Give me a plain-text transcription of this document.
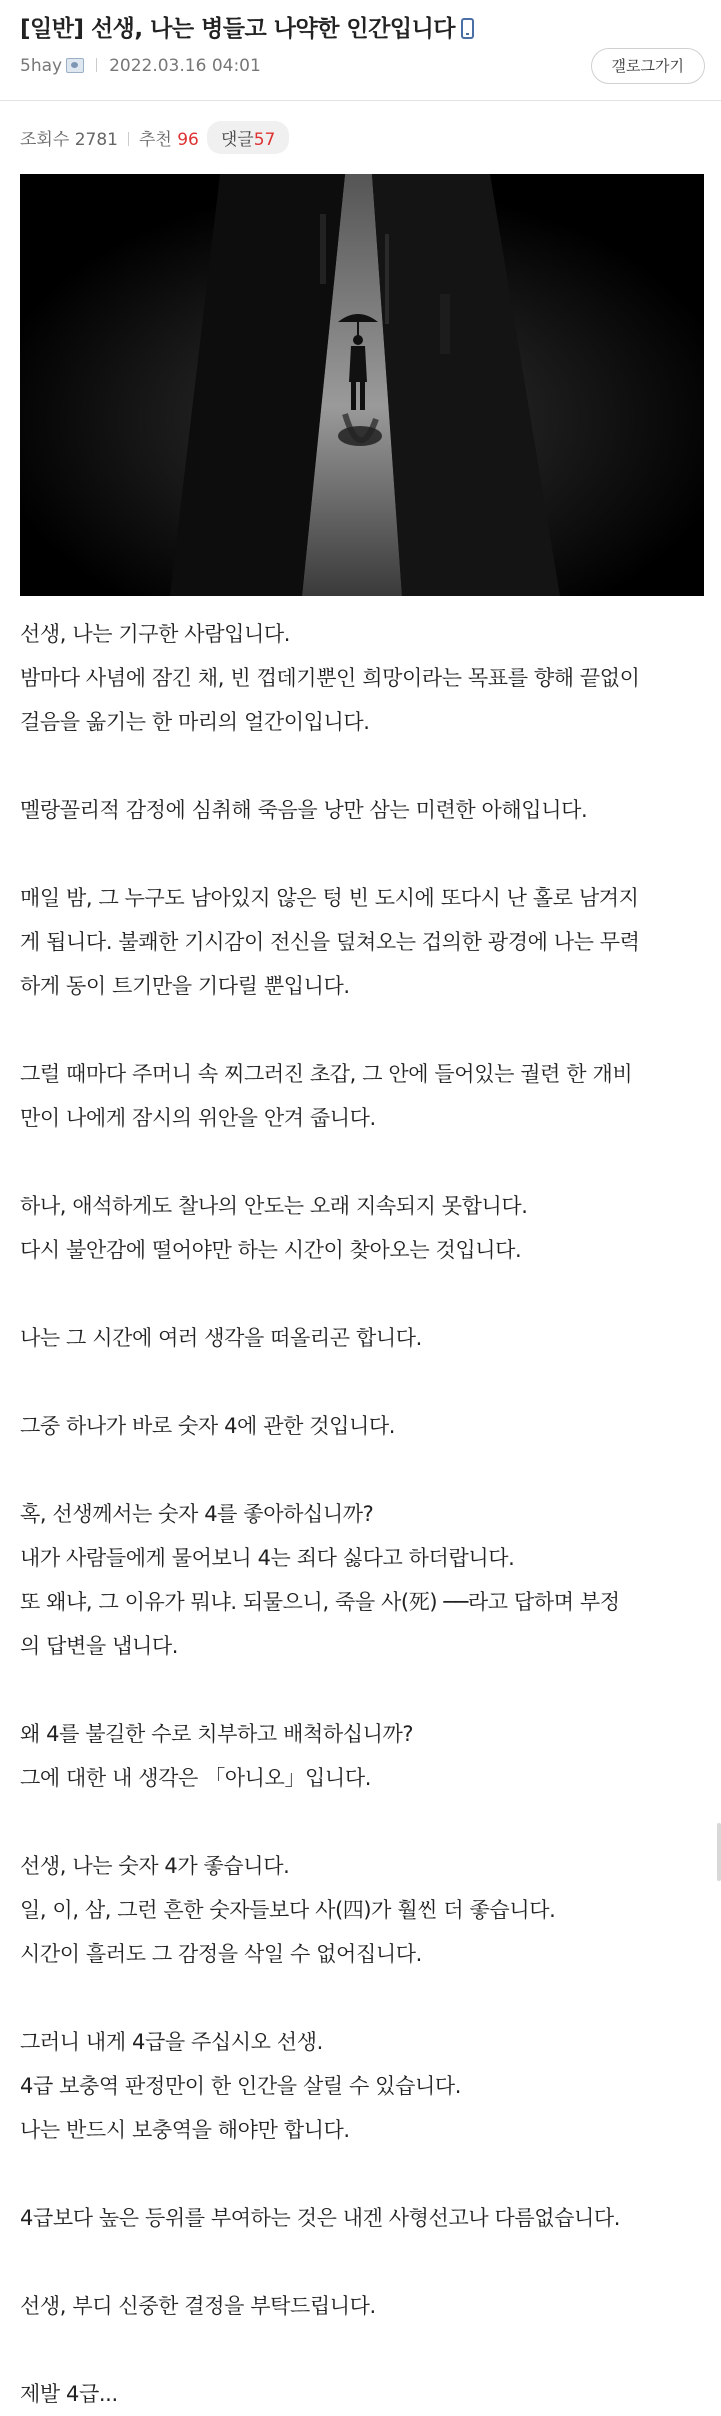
[일반] 선생, 나는 병들고 나약한 인간입니다
5hay	2022.03.16 04:01	갤로그가기
조회수 2781 추천 96 댓글57

선생, 나는 기구한 사람입니다.

밤마다 사념에 잠긴 채, 빈 껍데기뿐인 희망이라는 목표를 향해 끝없이

걸음을 옮기는 한 마리의 얼간이입니다.

멜랑꼴리적 감정에 심취해 죽음을 낭만 삼는 미련한 아해입니다.

매일 밤, 그 누구도 남아있지 않은 텅 빈 도시에 또다시 난 홀로 남겨지

게 됩니다. 불쾌한 기시감이 전신을 덮쳐오는 겁의한 광경에 나는 무력

하게 동이 트기만을 기다릴 뿐입니다.

그럴 때마다 주머니 속 찌그러진 초갑, 그 안에 들어있는 궐련 한 개비

만이 나에게 잠시의 위안을 안겨 줍니다.

하나, 애석하게도 찰나의 안도는 오래 지속되지 못합니다.

다시 불안감에 떨어야만 하는 시간이 찾아오는 것입니다.

나는 그 시간에 여러 생각을 떠올리곤 합니다.

그중 하나가 바로 숫자 4에 관한 것입니다.

혹, 선생께서는 숫자 4를 좋아하십니까?

내가 사람들에게 물어보니 4는 죄다 싫다고 하더랍니다.

또 왜냐, 그 이유가 뭐냐. 되물으니, 죽을 사(死) ──라고 답하며 부정

의 답변을 냅니다.

왜 4를 불길한 수로 치부하고 배척하십니까?

그에 대한 내 생각은 「아니오」입니다.

선생, 나는 숫자 4가 좋습니다.

일, 이, 삼, 그런 흔한 숫자들보다 사(四)가 훨씬 더 좋습니다.

시간이 흘러도 그 감정을 삭일 수 없어집니다.

그러니 내게 4급을 주십시오 선생.

4급 보충역 판정만이 한 인간을 살릴 수 있습니다.

나는 반드시 보충역을 해야만 합니다.

4급보다 높은 등위를 부여하는 것은 내겐 사형선고나 다름없습니다.

선생, 부디 신중한 결정을 부탁드립니다.

제발 4급...
